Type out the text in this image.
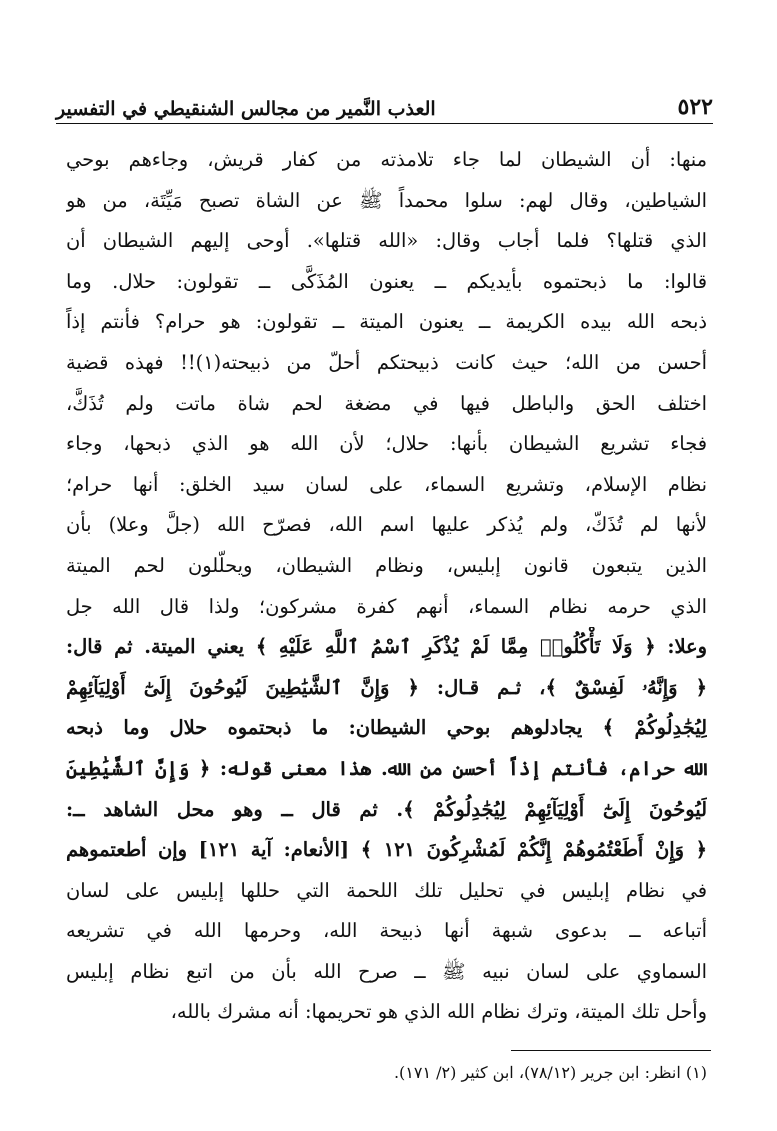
٥٢٢
العذب النَّمير من مجالس الشنقيطي في التفسير
منها: أن الشيطان لما جاء تلامذته من كفار قريش، وجاءهم بوحي
الشياطين، وقال لهم: سلوا محمداً ﷺ عن الشاة تصبح مَيِّتَة، من هو
الذي قتلها؟ فلما أجاب وقال: «الله قتلها». أوحى إليهم الشيطان أن
قالوا: ما ذبحتموه بأيديكم ــ يعنون المُذَكَّى ــ تقولون: حلال. وما
ذبحه الله بيده الكريمة ــ يعنون الميتة ــ تقولون: هو حرام؟ فأنتم إذاً
أحسن من الله؛ حيث كانت ذبيحتكم أحلّ من ذبيحته(١)!! فهذه قضية
اختلف الحق والباطل فيها في مضغة لحم شاة ماتت ولم تُذَكَّ،
فجاء تشريع الشيطان بأنها: حلال؛ لأن الله هو الذي ذبحها، وجاء
نظام الإسلام، وتشريع السماء، على لسان سيد الخلق: أنها حرام؛
لأنها لم تُذَكّ، ولم يُذكر عليها اسم الله، فصرّح الله (جلَّ وعلا) بأن
الذين يتبعون قانون إبليس، ونظام الشيطان، ويحلّلون لحم الميتة
الذي حرمه نظام السماء، أنهم كفرة مشركون؛ ولذا قال الله جل
وعلا: ﴿ وَلَا تَأْكُلُوا۟ مِمَّا لَمْ يُذْكَرِ ٱسْمُ ٱللَّهِ عَلَيْهِ ﴾ يعني الميتة. ثم قال:
﴿ وَإِنَّهُۥ لَفِسْقٌ ﴾، ثـم قـال: ﴿ وَإِنَّ ٱلشَّيَٰطِينَ لَيُوحُونَ إِلَىٰٓ أَوْلِيَآئِهِمْ
لِيُجَٰدِلُوكُمْ ﴾ يجادلوهم بوحي الشيطان: ما ذبحتموه حلال وما ذبحه
الله حرام، فأنتم إذاً أحسن من الله. هذا معنى قوله: ﴿ وَإِنَّ ٱلشَّيَٰطِينَ
لَيُوحُونَ إِلَىٰٓ أَوْلِيَآئِهِمْ لِيُجَٰدِلُوكُمْ ﴾. ثم قال ــ وهو محل الشاهد ــ:
﴿ وَإِنْ أَطَعْتُمُوهُمْ إِنَّكُمْ لَمُشْرِكُونَ ١٢١ ﴾ [الأنعام: آية ١٢١] وإن أطعتموهم
في نظام إبليس في تحليل تلك اللحمة التي حللها إبليس على لسان
أتباعه ــ بدعوى شبهة أنها ذبيحة الله، وحرمها الله في تشريعه
السماوي على لسان نبيه ﷺ ــ صرح الله بأن من اتبع نظام إبليس
وأحل تلك الميتة، وترك نظام الله الذي هو تحريمها: أنه مشرك بالله،
(١) انظر: ابن جرير (٧٨/١٢)، ابن كثير (٢/ ١٧١).
